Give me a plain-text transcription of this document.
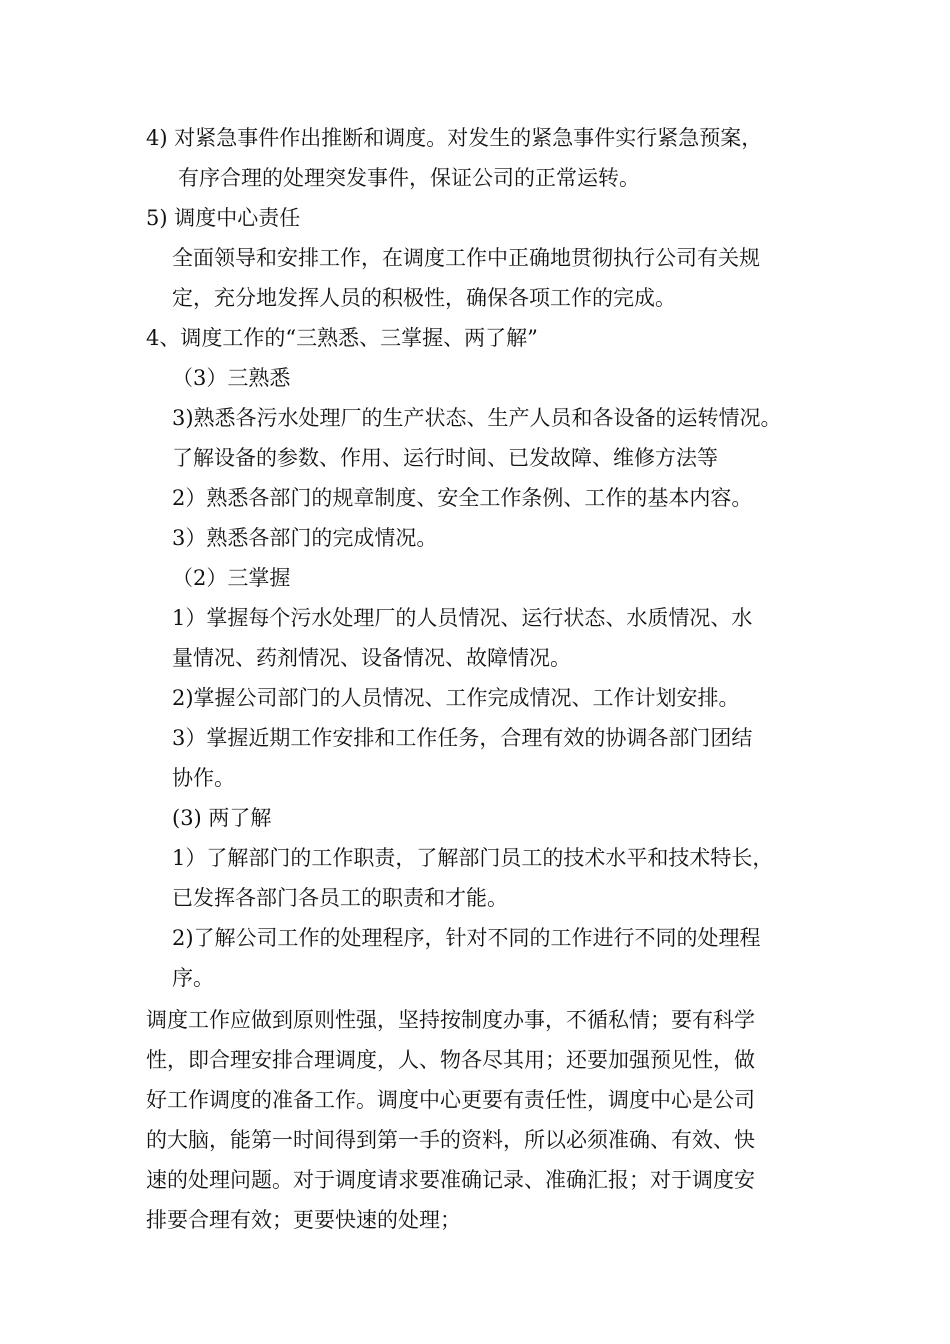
4) 对紧急事件作出推断和调度。对发生的紧急事件实行紧急预案，
有序合理的处理突发事件，保证公司的正常运转。
5) 调度中心责任
全面领导和安排工作，在调度工作中正确地贯彻执行公司有关规
定，充分地发挥人员的积极性，确保各项工作的完成。
4、调度工作的“三熟悉、三掌握、两了解”
（3）三熟悉
3)熟悉各污水处理厂的生产状态、生产人员和各设备的运转情况。
了解设备的参数、作用、运行时间、已发故障、维修方法等
2）熟悉各部门的规章制度、安全工作条例、工作的基本内容。
3）熟悉各部门的完成情况。
（2）三掌握
1）掌握每个污水处理厂的人员情况、运行状态、水质情况、水
量情况、药剂情况、设备情况、故障情况。
2)掌握公司部门的人员情况、工作完成情况、工作计划安排。
3）掌握近期工作安排和工作任务，合理有效的协调各部门团结
协作。
(3) 两了解
1）了解部门的工作职责，了解部门员工的技术水平和技术特长，
已发挥各部门各员工的职责和才能。
2)了解公司工作的处理程序，针对不同的工作进行不同的处理程
序。
调度工作应做到原则性强，坚持按制度办事，不循私情；要有科学
性，即合理安排合理调度，人、物各尽其用；还要加强预见性，做
好工作调度的准备工作。调度中心更要有责任性，调度中心是公司
的大脑，能第一时间得到第一手的资料，所以必须准确、有效、快
速的处理问题。对于调度请求要准确记录、准确汇报；对于调度安
排要合理有效；更要快速的处理；
